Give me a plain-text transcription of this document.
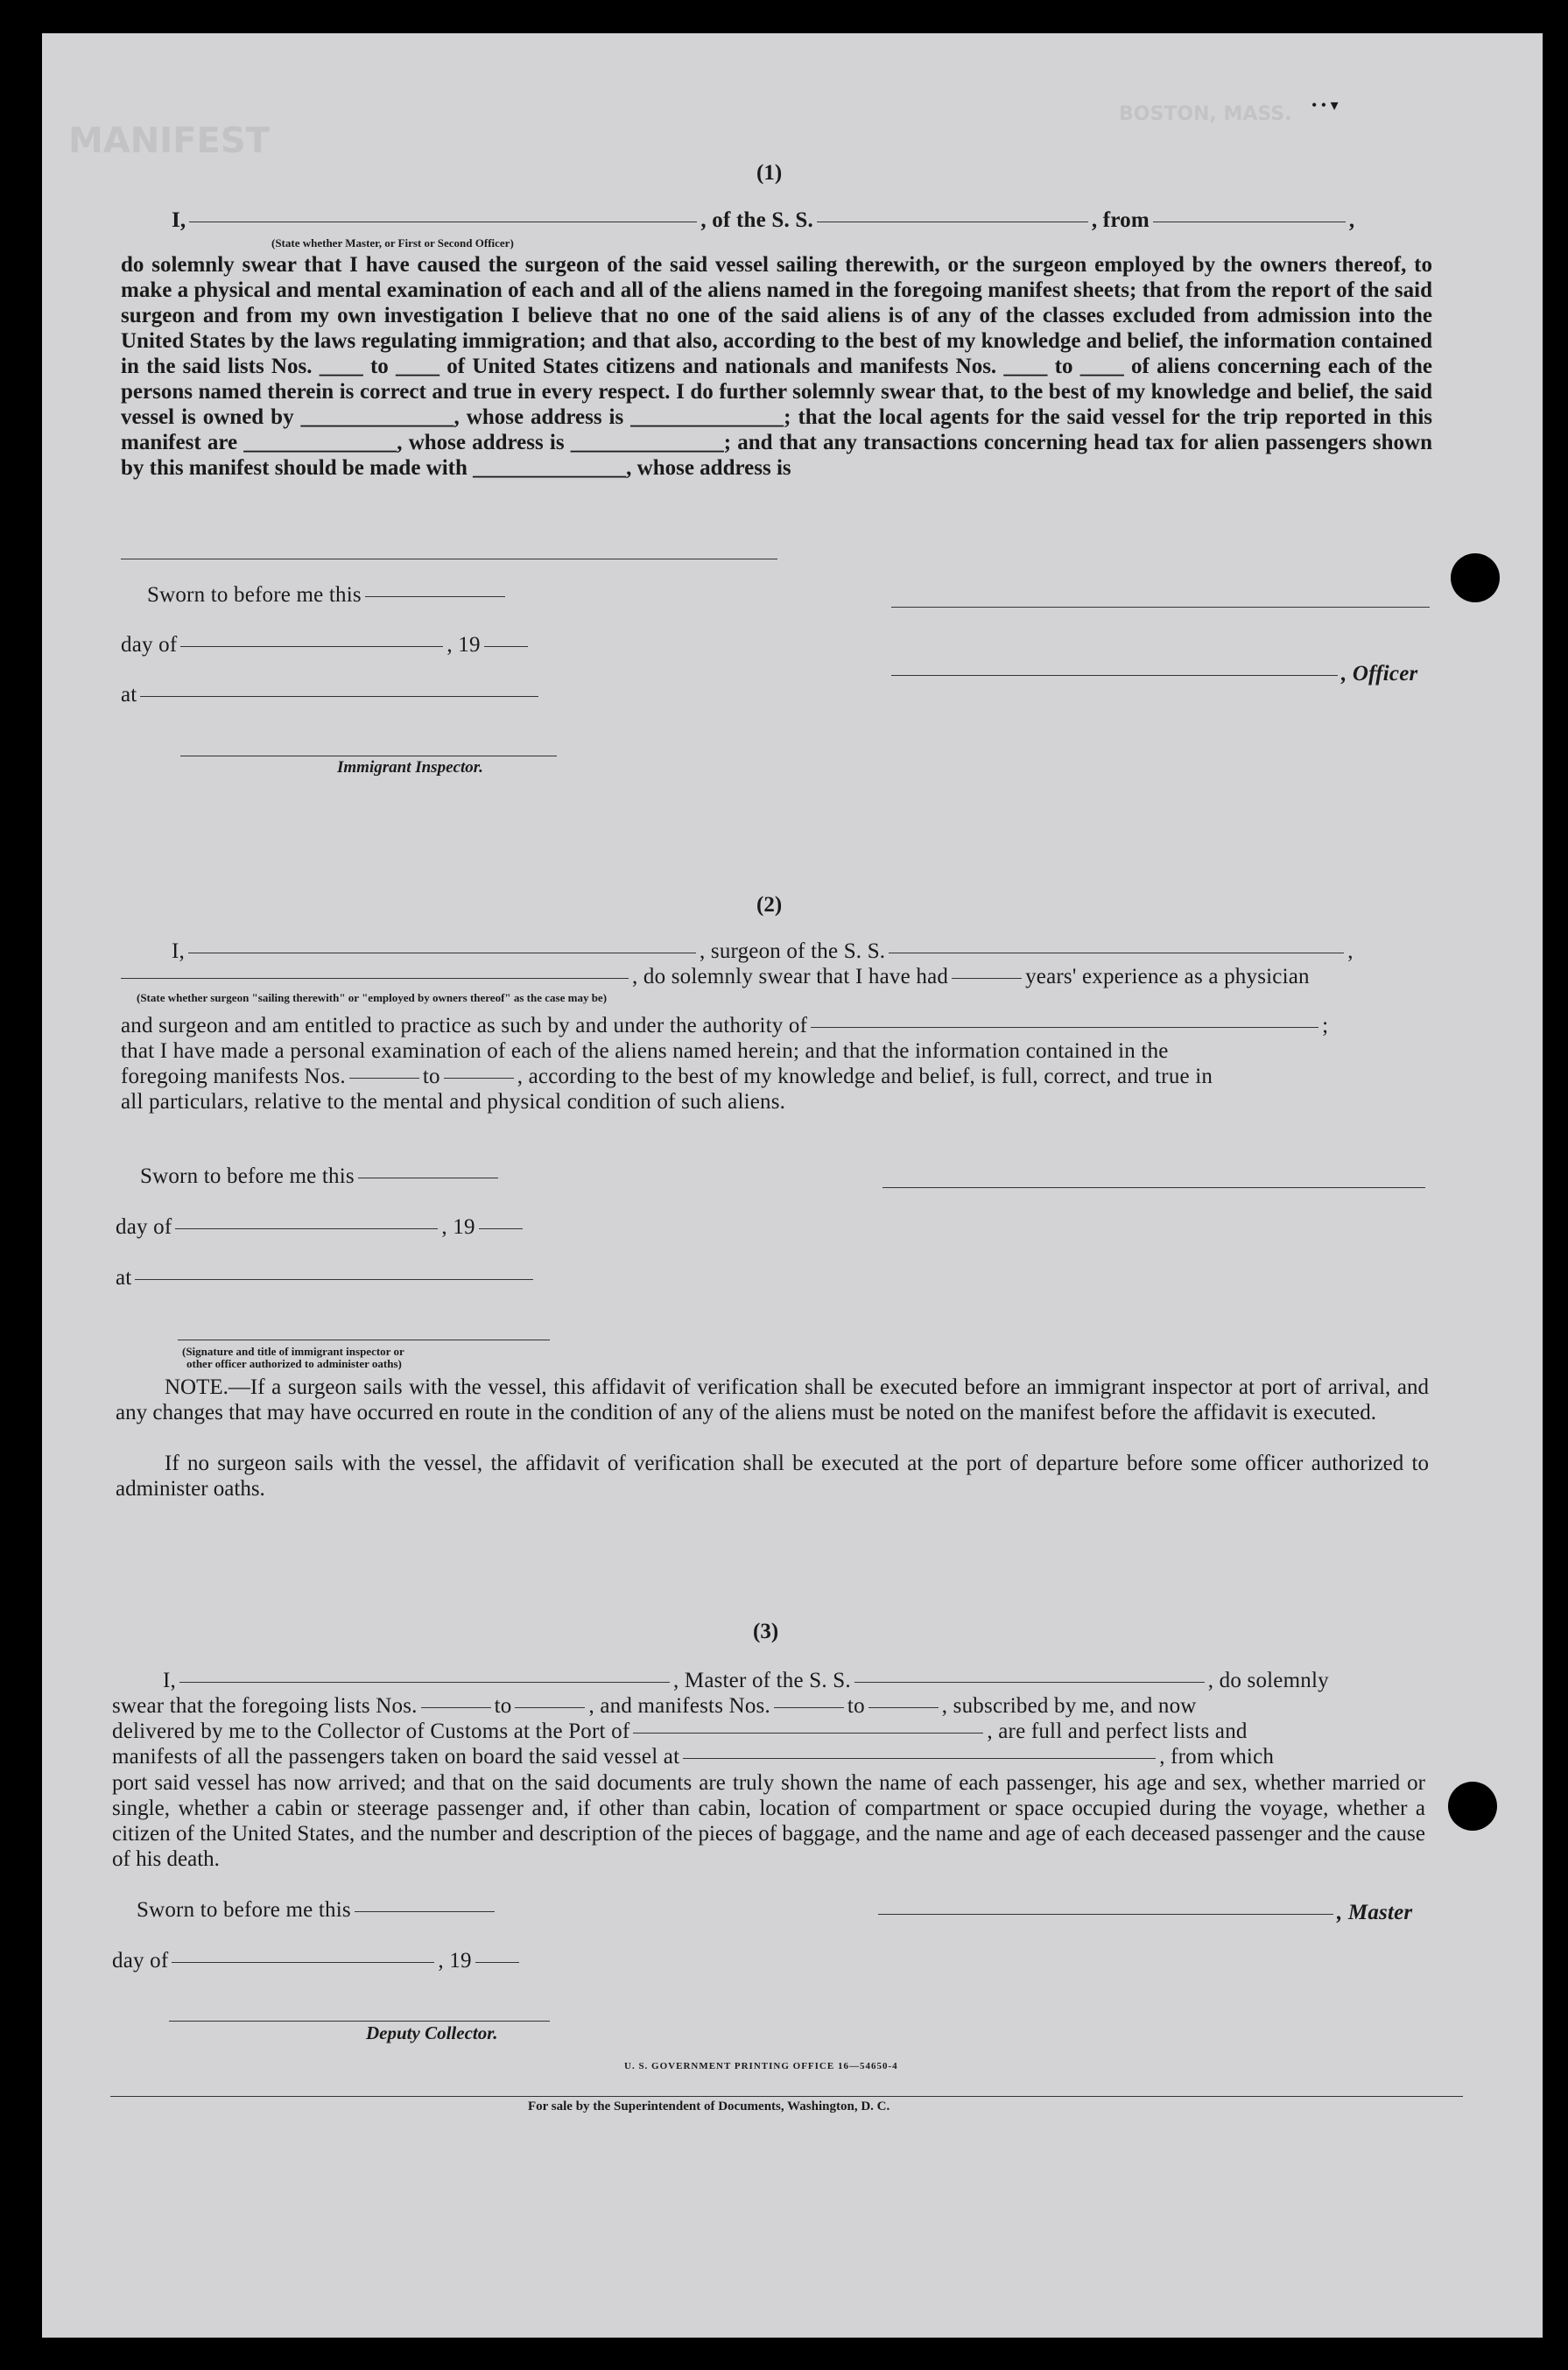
MANIFEST
BOSTON, MASS. • • ▾
(1)
I,	, of the S. S.	, from	,
(State whether Master, or First or Second Officer)
do solemnly swear that I have caused the surgeon of the said vessel sailing therewith, or the surgeon employed by the owners thereof, to make a physical and mental examination of each and all of the aliens named in the foregoing manifest sheets; that from the report of the said surgeon and from my own investigation I believe that no one of the said aliens is of any of the classes excluded from admission into the United States by the laws regulating immigration; and that also, according to the best of my knowledge and belief, the information contained in the said lists Nos. ____ to ____ of United States citizens and nationals and manifests Nos. ____ to ____ of aliens concerning each of the persons named therein is correct and true in every respect. I do further solemnly swear that, to the best of my knowledge and belief, the said vessel is owned by ______________, whose address is ______________; that the local agents for the said vessel for the trip reported in this manifest are ______________, whose address is ______________; and that any transactions concerning head tax for alien passengers shown by this manifest should be made with ______________, whose address is
Sworn to before me this
day of	, 19
at
Immigrant Inspector.
, Officer
(2)
I,	, surgeon of the S. S.	,
, do solemnly swear that I have had	years' experience as a physician
(State whether surgeon "sailing therewith" or "employed by owners thereof" as the case may be)
and surgeon and am entitled to practice as such by and under the authority of	;
that I have made a personal examination of each of the aliens named herein; and that the information contained in the
foregoing manifests Nos.	to	, according to the best of my knowledge and belief, is full, correct, and true in
all particulars, relative to the mental and physical condition of such aliens.
Sworn to before me this
day of	, 19
at
(Signature and title of immigrant inspector or
other officer authorized to administer oaths)
NOTE.—If a surgeon sails with the vessel, this affidavit of verification shall be executed before an immigrant inspector at port of arrival, and any changes that may have occurred en route in the condition of any of the aliens must be noted on the manifest before the affidavit is executed.
If no surgeon sails with the vessel, the affidavit of verification shall be executed at the port of departure before some officer authorized to administer oaths.
(3)
I,	, Master of the S. S.	, do solemnly
swear that the foregoing lists Nos.	to	, and manifests Nos.	to	, subscribed by me, and now
delivered by me to the Collector of Customs at the Port of	, are full and perfect lists and
manifests of all the passengers taken on board the said vessel at	, from which
port said vessel has now arrived; and that on the said documents are truly shown the name of each passenger, his age and sex, whether married or single, whether a cabin or steerage passenger and, if other than cabin, location of compartment or space occupied during the voyage, whether a citizen of the United States, and the number and description of the pieces of baggage, and the name and age of each deceased passenger and the cause of his death.
Sworn to before me this
day of	, 19
Deputy Collector.
, Master
U. S. GOVERNMENT PRINTING OFFICE 16—54650-4
For sale by the Superintendent of Documents, Washington, D. C.
